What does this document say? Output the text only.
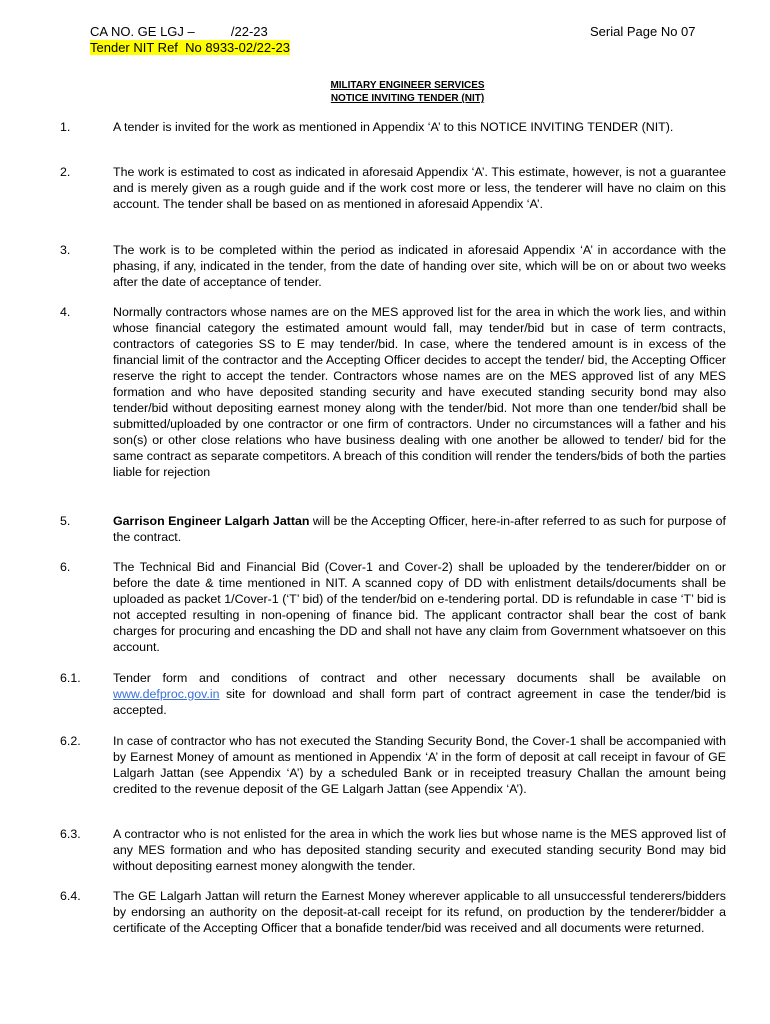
CA NO. GE LGJ –          /22-23
Tender NIT Ref  No 8933-02/22-23
Serial Page No 07
MILITARY ENGINEER SERVICES
NOTICE INVITING TENDER (NIT)
1.	A tender is invited for the work as mentioned in Appendix ‘A’ to this NOTICE INVITING TENDER (NIT).
2.	The work is estimated to cost as indicated in aforesaid Appendix ‘A’. This estimate, however, is not a guarantee and is merely given as a rough guide and if the work cost more or less, the tenderer will have no claim on this account. The tender shall be based on as mentioned in aforesaid Appendix ‘A’.
3.	The work is to be completed within the period as indicated in aforesaid Appendix ‘A’ in accordance with the phasing, if any, indicated in the tender, from the date of handing over site, which will be on or about two weeks after the date of acceptance of tender.
4.	Normally contractors whose names are on the MES approved list for the area in which the work lies, and within whose financial category the estimated amount would fall, may tender/bid but in case of term contracts, contractors of categories SS to E may tender/bid. In case, where the tendered amount is in excess of the financial limit of the contractor and the Accepting Officer decides to accept the tender/ bid, the Accepting Officer reserve the right to accept the tender. Contractors whose names are on the MES approved list of any MES formation and who have deposited standing security and have executed standing security bond may also tender/bid without depositing earnest money along with the tender/bid. Not more than one tender/bid shall be submitted/uploaded by one contractor or one firm of contractors. Under no circumstances will a father and his son(s) or other close relations who have business dealing with one another be allowed to tender/ bid for the same contract as separate competitors. A breach of this condition will render the tenders/bids of both the parties liable for rejection
5.	Garrison Engineer Lalgarh Jattan will be the Accepting Officer, here-in-after referred to as such for purpose of the contract.
6.	The Technical Bid and Financial Bid (Cover-1 and Cover-2) shall be uploaded by the tenderer/bidder on or before the date & time mentioned in NIT. A scanned copy of DD with enlistment details/documents shall be uploaded as packet 1/Cover-1 (‘T’ bid) of the tender/bid on e-tendering portal. DD is refundable in case ‘T’ bid is not accepted resulting in non-opening of finance bid. The applicant contractor shall bear the cost of bank charges for procuring and encashing the DD and shall not have any claim from Government whatsoever on this account.
6.1.	Tender form and conditions of contract and other necessary documents shall be available on www.defproc.gov.in site for download and shall form part of contract agreement in case the tender/bid is accepted.
6.2.	In case of contractor who has not executed the Standing Security Bond, the Cover-1 shall be accompanied with by Earnest Money of amount as mentioned in Appendix ‘A’ in the form of deposit at call receipt in favour of GE Lalgarh Jattan (see Appendix ‘A’) by a scheduled Bank or in receipted treasury Challan the amount being credited to the revenue deposit of the GE Lalgarh Jattan (see Appendix ‘A’).
6.3.	A contractor who is not enlisted for the area in which the work lies but whose name is the MES approved list of any MES formation and who has deposited standing security and executed standing security Bond may bid without depositing earnest money alongwith the tender.
6.4.	The GE Lalgarh Jattan will return the Earnest Money wherever applicable to all unsuccessful tenderers/bidders by endorsing an authority on the deposit-at-call receipt for its refund, on production by the tenderer/bidder a certificate of the Accepting Officer that a bonafide tender/bid was received and all documents were returned.
